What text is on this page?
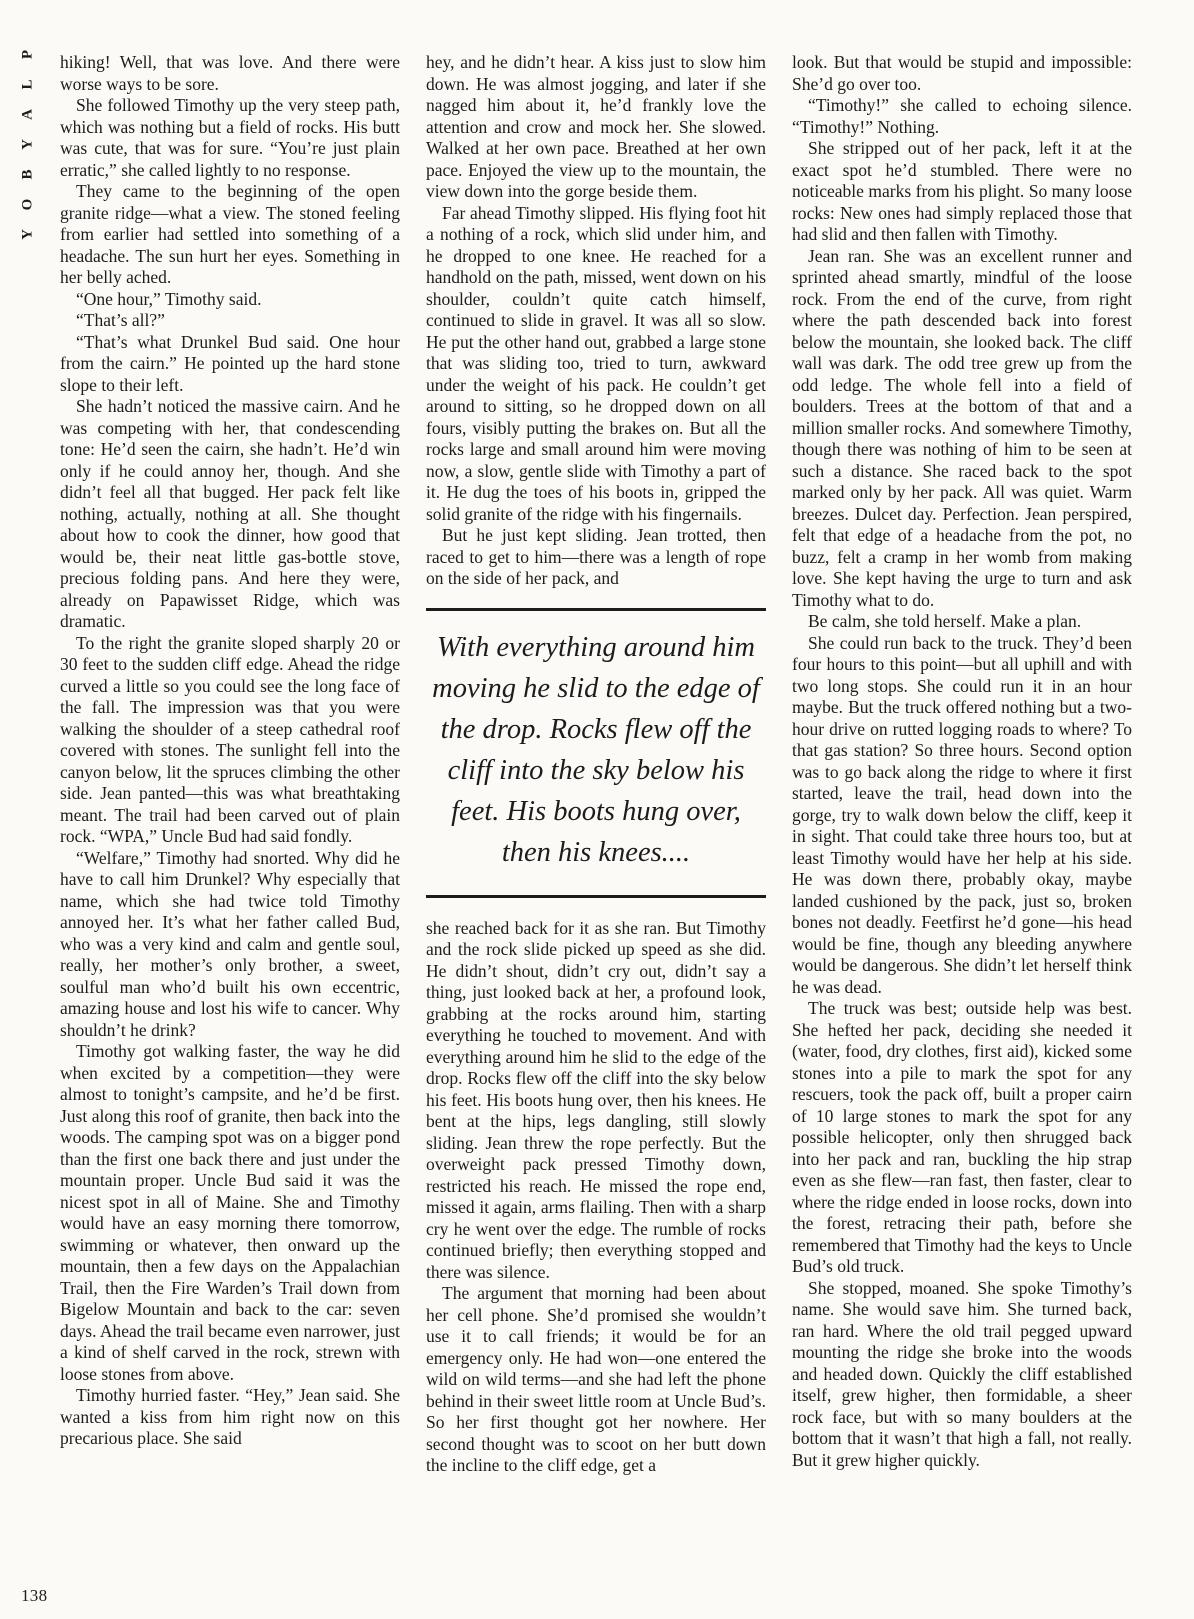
P
L
A
Y
B
O
Y
138

hiking! Well, that was love. And there were worse ways to be sore.

She followed Timothy up the very steep path, which was nothing but a field of rocks. His butt was cute, that was for sure. “You’re just plain erratic,” she called lightly to no response.

They came to the beginning of the open granite ridge—what a view. The stoned feeling from earlier had settled into something of a headache. The sun hurt her eyes. Something in her belly ached.

“One hour,” Timothy said.

“That’s all?”

“That’s what Drunkel Bud said. One hour from the cairn.” He pointed up the hard stone slope to their left.

She hadn’t noticed the massive cairn. And he was competing with her, that condescending tone: He’d seen the cairn, she hadn’t. He’d win only if he could annoy her, though. And she didn’t feel all that bugged. Her pack felt like nothing, actually, nothing at all. She thought about how to cook the dinner, how good that would be, their neat little gas-bottle stove, precious folding pans. And here they were, already on Papawisset Ridge, which was dramatic.

To the right the granite sloped sharply 20 or 30 feet to the sudden cliff edge. Ahead the ridge curved a little so you could see the long face of the fall. The impression was that you were walking the shoulder of a steep cathedral roof covered with stones. The sunlight fell into the canyon below, lit the spruces climbing the other side. Jean panted—this was what breathtaking meant. The trail had been carved out of plain rock. “WPA,” Uncle Bud had said fondly.

“Welfare,” Timothy had snorted. Why did he have to call him Drunkel? Why especially that name, which she had twice told Timothy annoyed her. It’s what her father called Bud, who was a very kind and calm and gentle soul, really, her mother’s only brother, a sweet, soulful man who’d built his own eccentric, amazing house and lost his wife to cancer. Why shouldn’t he drink?

Timothy got walking faster, the way he did when excited by a competition—they were almost to tonight’s campsite, and he’d be first. Just along this roof of granite, then back into the woods. The camping spot was on a bigger pond than the first one back there and just under the mountain proper. Uncle Bud said it was the nicest spot in all of Maine. She and Timothy would have an easy morning there tomorrow, swimming or whatever, then onward up the mountain, then a few days on the Appalachian Trail, then the Fire Warden’s Trail down from Bigelow Mountain and back to the car: seven days. Ahead the trail became even narrower, just a kind of shelf carved in the rock, strewn with loose stones from above.

Timothy hurried faster. “Hey,” Jean said. She wanted a kiss from him right now on this precarious place. She said

hey, and he didn’t hear. A kiss just to slow him down. He was almost jogging, and later if she nagged him about it, he’d frankly love the attention and crow and mock her. She slowed. Walked at her own pace. Breathed at her own pace. Enjoyed the view up to the mountain, the view down into the gorge beside them.

Far ahead Timothy slipped. His flying foot hit a nothing of a rock, which slid under him, and he dropped to one knee. He reached for a handhold on the path, missed, went down on his shoulder, couldn’t quite catch himself, continued to slide in gravel. It was all so slow. He put the other hand out, grabbed a large stone that was sliding too, tried to turn, awkward under the weight of his pack. He couldn’t get around to sitting, so he dropped down on all fours, visibly putting the brakes on. But all the rocks large and small around him were moving now, a slow, gentle slide with Timothy a part of it. He dug the toes of his boots in, gripped the solid granite of the ridge with his fingernails.

But he just kept sliding. Jean trotted, then raced to get to him—there was a length of rope on the side of her pack, and

With everything around him moving he slid to the edge of the drop. Rocks flew off the cliff into the sky below his feet. His boots hung over, then his knees....

she reached back for it as she ran. But Timothy and the rock slide picked up speed as she did. He didn’t shout, didn’t cry out, didn’t say a thing, just looked back at her, a profound look, grabbing at the rocks around him, starting everything he touched to movement. And with everything around him he slid to the edge of the drop. Rocks flew off the cliff into the sky below his feet. His boots hung over, then his knees. He bent at the hips, legs dangling, still slowly sliding. Jean threw the rope perfectly. But the overweight pack pressed Timothy down, restricted his reach. He missed the rope end, missed it again, arms flailing. Then with a sharp cry he went over the edge. The rumble of rocks continued briefly; then everything stopped and there was silence.

The argument that morning had been about her cell phone. She’d promised she wouldn’t use it to call friends; it would be for an emergency only. He had won—one entered the wild on wild terms—and she had left the phone behind in their sweet little room at Uncle Bud’s. So her first thought got her nowhere. Her second thought was to scoot on her butt down the incline to the cliff edge, get a

look. But that would be stupid and impossible: She’d go over too.

“Timothy!” she called to echoing silence. “Timothy!” Nothing.

She stripped out of her pack, left it at the exact spot he’d stumbled. There were no noticeable marks from his plight. So many loose rocks: New ones had simply replaced those that had slid and then fallen with Timothy.

Jean ran. She was an excellent runner and sprinted ahead smartly, mindful of the loose rock. From the end of the curve, from right where the path descended back into forest below the mountain, she looked back. The cliff wall was dark. The odd tree grew up from the odd ledge. The whole fell into a field of boulders. Trees at the bottom of that and a million smaller rocks. And somewhere Timothy, though there was nothing of him to be seen at such a distance. She raced back to the spot marked only by her pack. All was quiet. Warm breezes. Dulcet day. Perfection. Jean perspired, felt that edge of a headache from the pot, no buzz, felt a cramp in her womb from making love. She kept having the urge to turn and ask Timothy what to do.

Be calm, she told herself. Make a plan.

She could run back to the truck. They’d been four hours to this point—but all uphill and with two long stops. She could run it in an hour maybe. But the truck offered nothing but a two-hour drive on rutted logging roads to where? To that gas station? So three hours. Second option was to go back along the ridge to where it first started, leave the trail, head down into the gorge, try to walk down below the cliff, keep it in sight. That could take three hours too, but at least Timothy would have her help at his side. He was down there, probably okay, maybe landed cushioned by the pack, just so, broken bones not deadly. Feetfirst he’d gone—his head would be fine, though any bleeding anywhere would be dangerous. She didn’t let herself think he was dead.

The truck was best; outside help was best. She hefted her pack, deciding she needed it (water, food, dry clothes, first aid), kicked some stones into a pile to mark the spot for any rescuers, took the pack off, built a proper cairn of 10 large stones to mark the spot for any possible helicopter, only then shrugged back into her pack and ran, buckling the hip strap even as she flew—ran fast, then faster, clear to where the ridge ended in loose rocks, down into the forest, retracing their path, before she remembered that Timothy had the keys to Uncle Bud’s old truck.

She stopped, moaned. She spoke Timothy’s name. She would save him. She turned back, ran hard. Where the old trail pegged upward mounting the ridge she broke into the woods and headed down. Quickly the cliff established itself, grew higher, then formidable, a sheer rock face, but with so many boulders at the bottom that it wasn’t that high a fall, not really. But it grew higher quickly.
